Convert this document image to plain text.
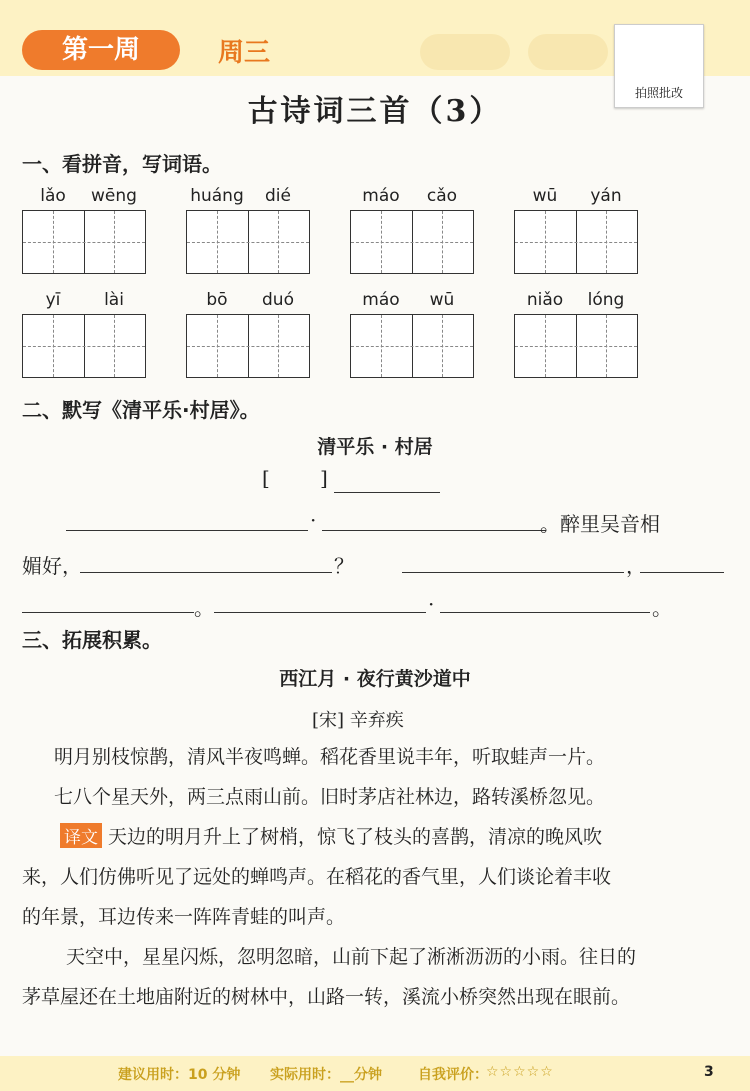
第一周	周三
拍照批改
古诗词三首（3）
一、看拼音，写词语。
lǎo	wēng	huáng	dié	máo	cǎo	wū	yán
yī	lài	bō	duó	máo	wū	niǎo	lóng
二、默写《清平乐·村居》。
清平乐 · 村居
[	]
·	。醉里吴音相
媚好，	？	，
。	·	。
三、拓展积累。
西江月 · 夜行黄沙道中
[宋] 辛弃疾
明月别枝惊鹊，清风半夜鸣蝉。稻花香里说丰年，听取蛙声一片。
七八个星天外，两三点雨山前。旧时茅店社林边，路转溪桥忽见。
译文 天边的明月升上了树梢，惊飞了枝头的喜鹊，清凉的晚风吹
来，人们仿佛听见了远处的蝉鸣声。在稻花的香气里，人们谈论着丰收
的年景，耳边传来一阵阵青蛙的叫声。
天空中，星星闪烁，忽明忽暗，山前下起了淅淅沥沥的小雨。往日的
茅草屋还在土地庙附近的树林中，山路一转，溪流小桥突然出现在眼前。
建议用时：10 分钟 实际用时：__分钟	自我评价：
☆☆☆☆☆	3
